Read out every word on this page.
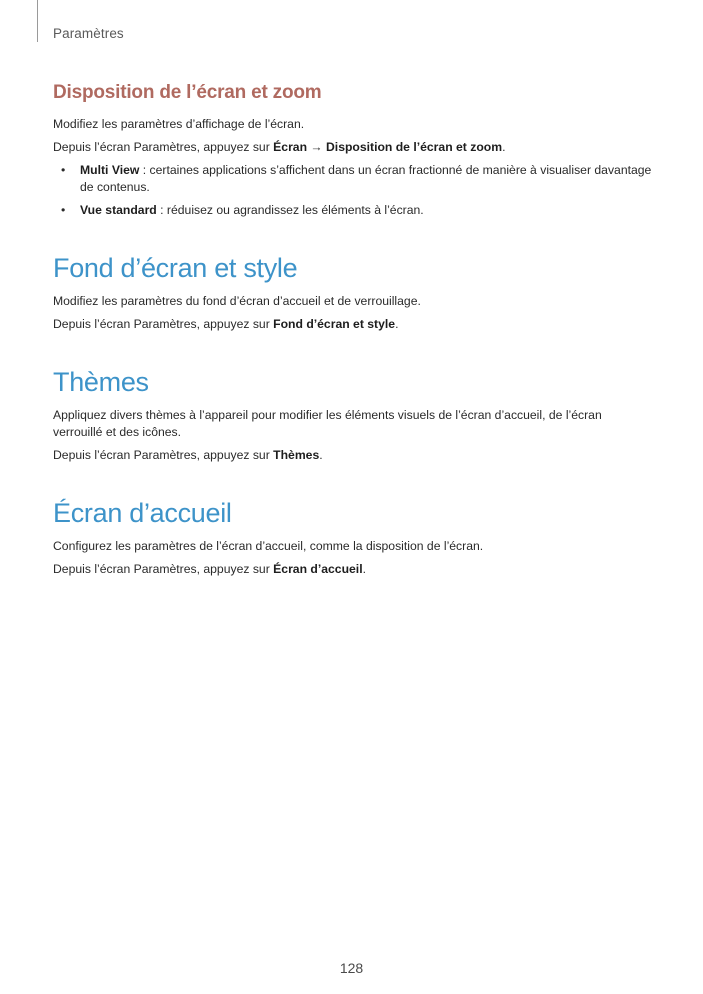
Paramètres
Disposition de l’écran et zoom

Modifiez les paramètres d’affichage de l’écran.

Depuis l’écran Paramètres, appuyez sur Écran → Disposition de l’écran et zoom.

• Multi View : certaines applications s’affichent dans un écran fractionné de manière à visualiser davantage de contenus.
• Vue standard : réduisez ou agrandissez les éléments à l’écran.
Fond d’écran et style

Modifiez les paramètres du fond d’écran d’accueil et de verrouillage.

Depuis l’écran Paramètres, appuyez sur Fond d’écran et style.

Thèmes

Appliquez divers thèmes à l’appareil pour modifier les éléments visuels de l’écran d’accueil, de l’écran verrouillé et des icônes.

Depuis l’écran Paramètres, appuyez sur Thèmes.

Écran d’accueil

Configurez les paramètres de l’écran d’accueil, comme la disposition de l’écran.

Depuis l’écran Paramètres, appuyez sur Écran d’accueil.

128
